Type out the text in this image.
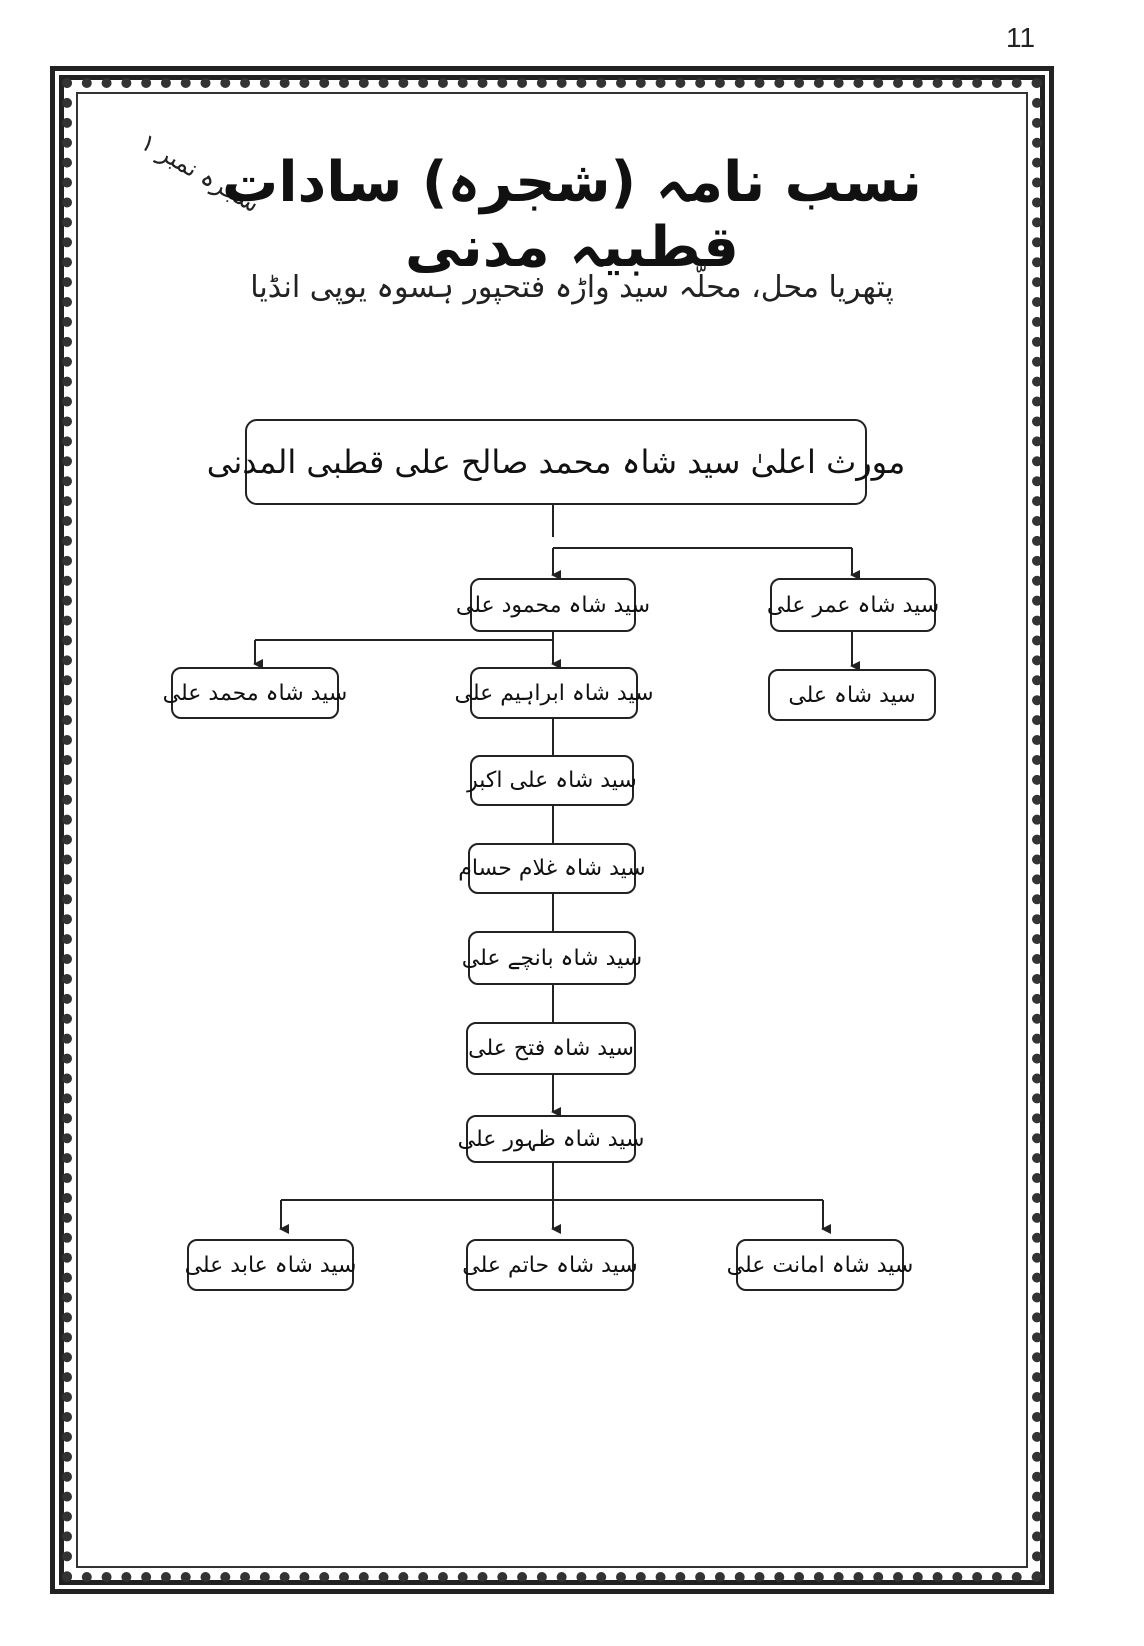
11
شجرہ نمبر ۱
نسب نامہ (شجرہ) سادات قطبیہ مدنی
پتھریا محل، محلّہ سید واڑہ فتحپور ہسوہ یوپی انڈیا
مورث اعلیٰ سید شاہ محمد صالح علی قطبی المدنی
سید شاہ عمر علی
سید شاہ محمود علی
سید شاہ علی
سید شاہ محمد علی	سید شاہ ابراہیم علی
سید شاہ علی اکبر
سید شاہ غلام حسام
سید شاہ بانچے علی
سید شاہ فتح علی
سید شاہ ظہور علی
سید شاہ عابد علی	سید شاہ حاتم علی	سید شاہ امانت علی
